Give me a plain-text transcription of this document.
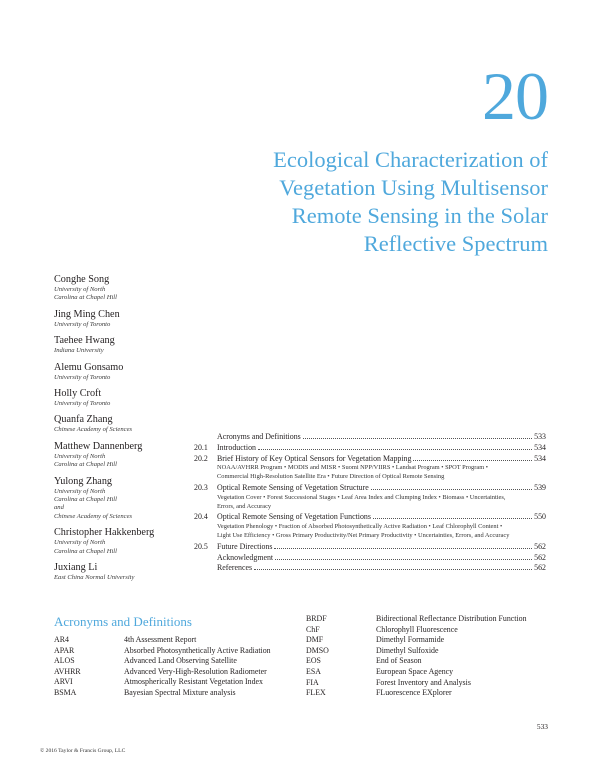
20
Ecological Characterization of
Vegetation Using Multisensor
Remote Sensing in the Solar
Reflective Spectrum
Conghe Song
University of North
Carolina at Chapel Hill
Jing Ming Chen
University of Toronto
Taehee Hwang
Indiana University
Alemu Gonsamo
University of Toronto
Holly Croft
University of Toronto
Quanfa Zhang
Chinese Academy of Sciences
Matthew Dannenberg
University of North
Carolina at Chapel Hill
Yulong Zhang
University of North
Carolina at Chapel Hill
and
Chinese Academy of Sciences
Christopher Hakkenberg
University of North
Carolina at Chapel Hill
Juxiang Li
East China Normal University
Acronyms and Definitions	533
20.1	Introduction	534
20.2	Brief History of Key Optical Sensors for Vegetation Mapping	534
NOAA/AVHRR Program • MODIS and MISR • Suomi NPP/VIIRS • Landsat Program • SPOT Program • Commercial High-Resolution Satellite Era • Future Direction of Optical Remote Sensing
20.3	Optical Remote Sensing of Vegetation Structure	539
Vegetation Cover • Forest Successional Stages • Leaf Area Index and Clumping Index • Biomass • Uncertainties, Errors, and Accuracy
20.4	Optical Remote Sensing of Vegetation Functions	550
Vegetation Phenology • Fraction of Absorbed Photosynthetically Active Radiation • Leaf Chlorophyll Content • Light Use Efficiency • Gross Primary Productivity/Net Primary Productivity • Uncertainties, Errors, and Accuracy
20.5	Future Directions	562
Acknowledgment	562
References	562
Acronyms and Definitions
AR4	4th Assessment Report
APAR	Absorbed Photosynthetically Active Radiation
ALOS	Advanced Land Observing Satellite
AVHRR	Advanced Very-High-Resolution Radiometer
ARVI	Atmospherically Resistant Vegetation Index
BSMA	Bayesian Spectral Mixture analysis
BRDF	Bidirectional Reflectance Distribution Function
ChF	Chlorophyll Fluorescence
DMF	Dimethyl Formamide
DMSO	Dimethyl Sulfoxide
EOS	End of Season
ESA	European Space Agency
FIA	Forest Inventory and Analysis
FLEX	FLuorescence EXplorer
533
© 2016 Taylor & Francis Group, LLC
